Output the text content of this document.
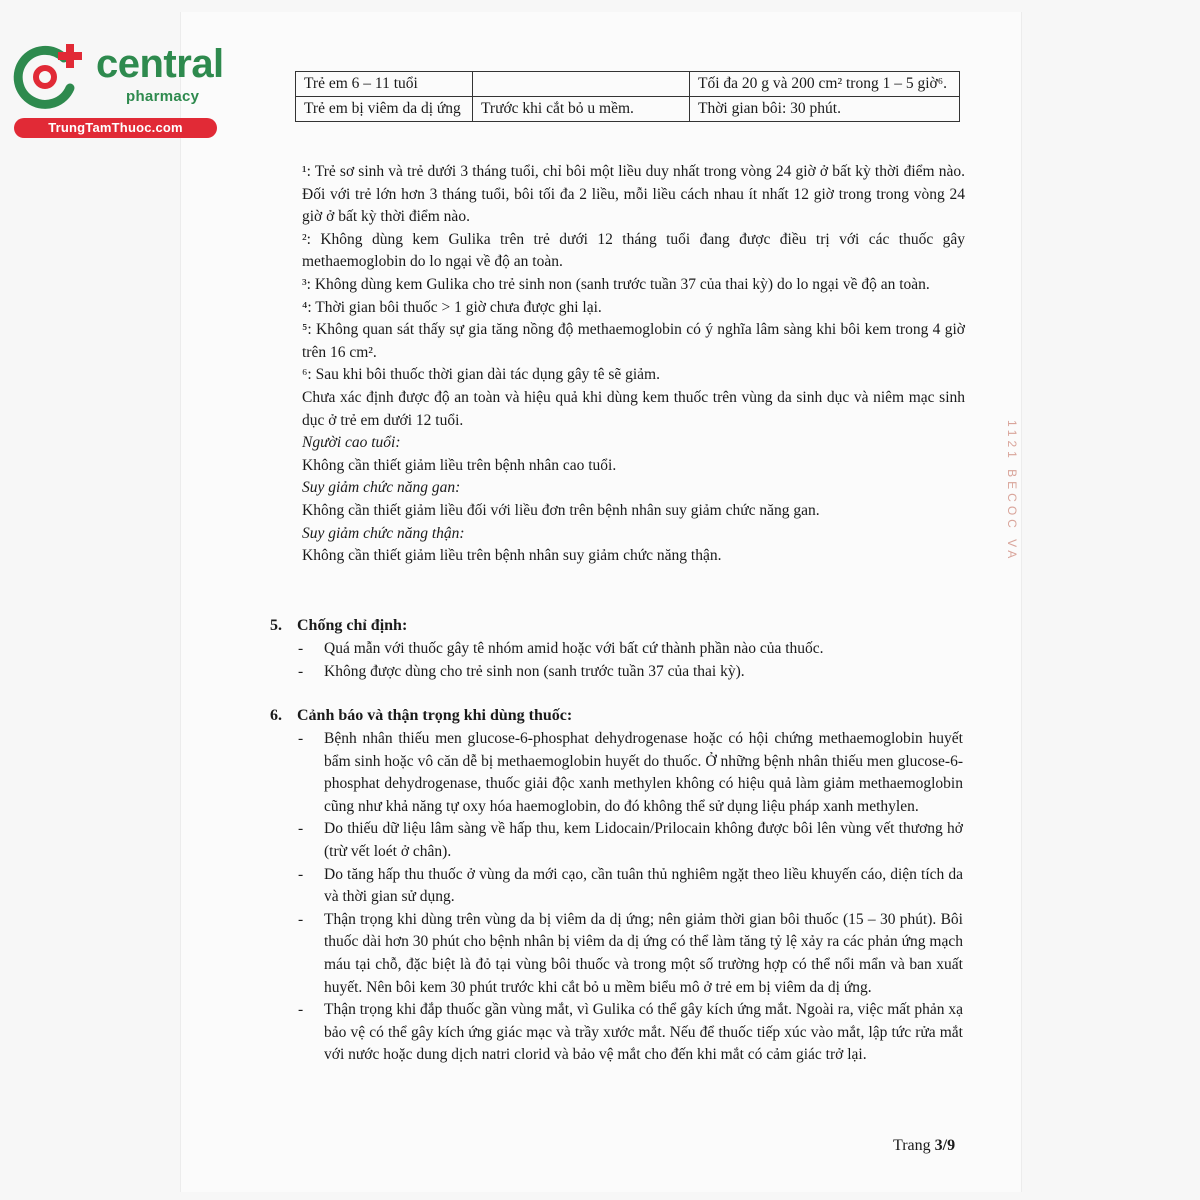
central
pharmacy
TrungTamThuoc.com
Trẻ em 6 – 11 tuổi		Tối đa 20 g và 200 cm² trong 1 – 5 giờ⁶.
Trẻ em bị viêm da dị ứng	Trước khi cắt bỏ u mềm.	Thời gian bôi: 30 phút.

¹: Trẻ sơ sinh và trẻ dưới 3 tháng tuổi, chỉ bôi một liều duy nhất trong vòng 24 giờ ở bất kỳ thời điểm nào. Đối với trẻ lớn hơn 3 tháng tuổi, bôi tối đa 2 liều, mỗi liều cách nhau ít nhất 12 giờ trong trong vòng 24 giờ ở bất kỳ thời điểm nào.

²: Không dùng kem Gulika trên trẻ dưới 12 tháng tuổi đang được điều trị với các thuốc gây methaemoglobin do lo ngại về độ an toàn.

³: Không dùng kem Gulika cho trẻ sinh non (sanh trước tuần 37 của thai kỳ) do lo ngại về độ an toàn.

⁴: Thời gian bôi thuốc > 1 giờ chưa được ghi lại.

⁵: Không quan sát thấy sự gia tăng nồng độ methaemoglobin có ý nghĩa lâm sàng khi bôi kem trong 4 giờ trên 16 cm².

⁶: Sau khi bôi thuốc thời gian dài tác dụng gây tê sẽ giảm.

Chưa xác định được độ an toàn và hiệu quả khi dùng kem thuốc trên vùng da sinh dục và niêm mạc sinh dục ở trẻ em dưới 12 tuổi.

Người cao tuổi:

Không cần thiết giảm liều trên bệnh nhân cao tuổi.

Suy giảm chức năng gan:

Không cần thiết giảm liều đối với liều đơn trên bệnh nhân suy giảm chức năng gan.

Suy giảm chức năng thận:

Không cần thiết giảm liều trên bệnh nhân suy giảm chức năng thận.

5. Chống chỉ định:
- Quá mẫn với thuốc gây tê nhóm amid hoặc với bất cứ thành phần nào của thuốc.
- Không được dùng cho trẻ sinh non (sanh trước tuần 37 của thai kỳ).
6. Cảnh báo và thận trọng khi dùng thuốc:
- Bệnh nhân thiếu men glucose-6-phosphat dehydrogenase hoặc có hội chứng methaemoglobin huyết bẩm sinh hoặc vô căn dễ bị methaemoglobin huyết do thuốc. Ở những bệnh nhân thiếu men glucose-6-phosphat dehydrogenase, thuốc giải độc xanh methylen không có hiệu quả làm giảm methaemoglobin cũng như khả năng tự oxy hóa haemoglobin, do đó không thể sử dụng liệu pháp xanh methylen.
- Do thiếu dữ liệu lâm sàng về hấp thu, kem Lidocain/Prilocain không được bôi lên vùng vết thương hở (trừ vết loét ở chân).
- Do tăng hấp thu thuốc ở vùng da mới cạo, cần tuân thủ nghiêm ngặt theo liều khuyến cáo, diện tích da và thời gian sử dụng.
- Thận trọng khi dùng trên vùng da bị viêm da dị ứng; nên giảm thời gian bôi thuốc (15 – 30 phút). Bôi thuốc dài hơn 30 phút cho bệnh nhân bị viêm da dị ứng có thể làm tăng tỷ lệ xảy ra các phản ứng mạch máu tại chỗ, đặc biệt là đỏ tại vùng bôi thuốc và trong một số trường hợp có thể nổi mẩn và ban xuất huyết. Nên bôi kem 30 phút trước khi cắt bỏ u mềm biểu mô ở trẻ em bị viêm da dị ứng.
- Thận trọng khi đắp thuốc gần vùng mắt, vì Gulika có thể gây kích ứng mắt. Ngoài ra, việc mất phản xạ bảo vệ có thể gây kích ứng giác mạc và trầy xước mắt. Nếu để thuốc tiếp xúc vào mắt, lập tức rửa mắt với nước hoặc dung dịch natri clorid và bảo vệ mắt cho đến khi mắt có cảm giác trở lại.
Trang 3/9
1121 BECOC VA
